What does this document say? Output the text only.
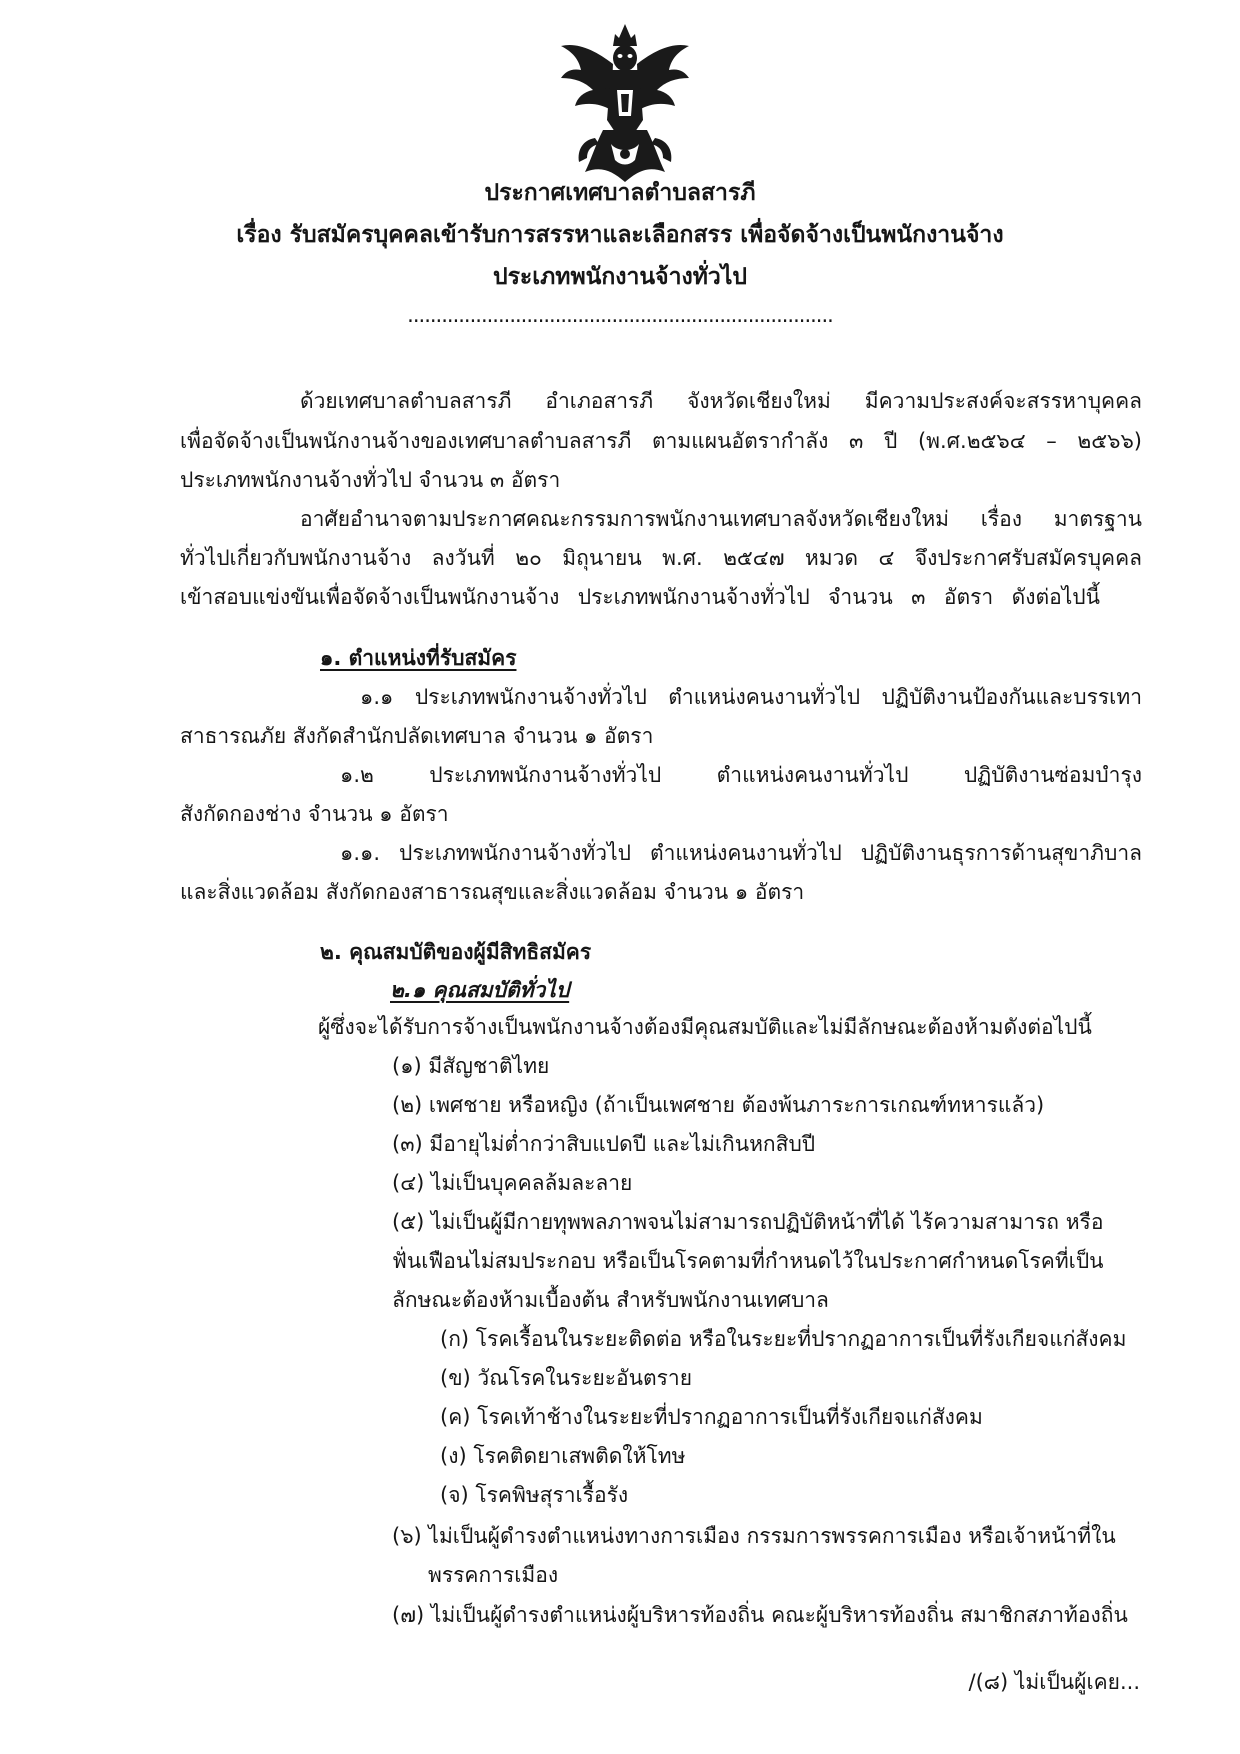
ประกาศเทศบาลตำบลสารภี
เรื่อง รับสมัครบุคคลเข้ารับการสรรหาและเลือกสรร เพื่อจัดจ้างเป็นพนักงานจ้าง
ประเภทพนักงานจ้างทั่วไป
...........................................................................
ด้วยเทศบาลตำบลสารภี อำเภอสารภี จังหวัดเชียงใหม่ มีความประสงค์จะสรรหาบุคคล
เพื่อจัดจ้างเป็นพนักงานจ้างของเทศบาลตำบลสารภี ตามแผนอัตรากำลัง ๓ ปี (พ.ศ.๒๕๖๔ – ๒๕๖๖)
ประเภทพนักงานจ้างทั่วไป จำนวน ๓ อัตรา
อาศัยอำนาจตามประกาศคณะกรรมการพนักงานเทศบาลจังหวัดเชียงใหม่ เรื่อง มาตรฐาน
ทั่วไปเกี่ยวกับพนักงานจ้าง ลงวันที่ ๒๐ มิถุนายน พ.ศ. ๒๕๔๗ หมวด ๔ จึงประกาศรับสมัครบุคคล
เข้าสอบแข่งขันเพื่อจัดจ้างเป็นพนักงานจ้าง ประเภทพนักงานจ้างทั่วไป จำนวน ๓ อัตรา ดังต่อไปนี้
๑. ตำแหน่งที่รับสมัคร
๑.๑ ประเภทพนักงานจ้างทั่วไป ตำแหน่งคนงานทั่วไป ปฏิบัติงานป้องกันและบรรเทา
สาธารณภัย สังกัดสำนักปลัดเทศบาล จำนวน ๑ อัตรา
๑.๒ ประเภทพนักงานจ้างทั่วไป ตำแหน่งคนงานทั่วไป ปฏิบัติงานซ่อมบำรุง
สังกัดกองช่าง จำนวน ๑ อัตรา
๑.๑. ประเภทพนักงานจ้างทั่วไป ตำแหน่งคนงานทั่วไป ปฏิบัติงานธุรการด้านสุขาภิบาล
และสิ่งแวดล้อม สังกัดกองสาธารณสุขและสิ่งแวดล้อม จำนวน ๑ อัตรา
๒. คุณสมบัติของผู้มีสิทธิสมัคร
๒.๑ คุณสมบัติทั่วไป
ผู้ซึ่งจะได้รับการจ้างเป็นพนักงานจ้างต้องมีคุณสมบัติและไม่มีลักษณะต้องห้ามดังต่อไปนี้
(๑) มีสัญชาติไทย
(๒) เพศชาย หรือหญิง (ถ้าเป็นเพศชาย ต้องพ้นภาระการเกณฑ์ทหารแล้ว)
(๓) มีอายุไม่ต่ำกว่าสิบแปดปี และไม่เกินหกสิบปี
(๔) ไม่เป็นบุคคลล้มละลาย
(๕) ไม่เป็นผู้มีกายทุพพลภาพจนไม่สามารถปฏิบัติหน้าที่ได้ ไร้ความสามารถ หรือ
ฟั่นเฟือนไม่สมประกอบ หรือเป็นโรคตามที่กำหนดไว้ในประกาศกำหนดโรคที่เป็น
ลักษณะต้องห้ามเบื้องต้น สำหรับพนักงานเทศบาล
(ก) โรคเรื้อนในระยะติดต่อ หรือในระยะที่ปรากฏอาการเป็นที่รังเกียจแก่สังคม
(ข) วัณโรคในระยะอันตราย
(ค) โรคเท้าช้างในระยะที่ปรากฏอาการเป็นที่รังเกียจแก่สังคม
(ง) โรคติดยาเสพติดให้โทษ
(จ) โรคพิษสุราเรื้อรัง
(๖) ไม่เป็นผู้ดำรงตำแหน่งทางการเมือง กรรมการพรรคการเมือง หรือเจ้าหน้าที่ใน
พรรคการเมือง
(๗) ไม่เป็นผู้ดำรงตำแหน่งผู้บริหารท้องถิ่น คณะผู้บริหารท้องถิ่น สมาชิกสภาท้องถิ่น
/(๘) ไม่เป็นผู้เคย...
